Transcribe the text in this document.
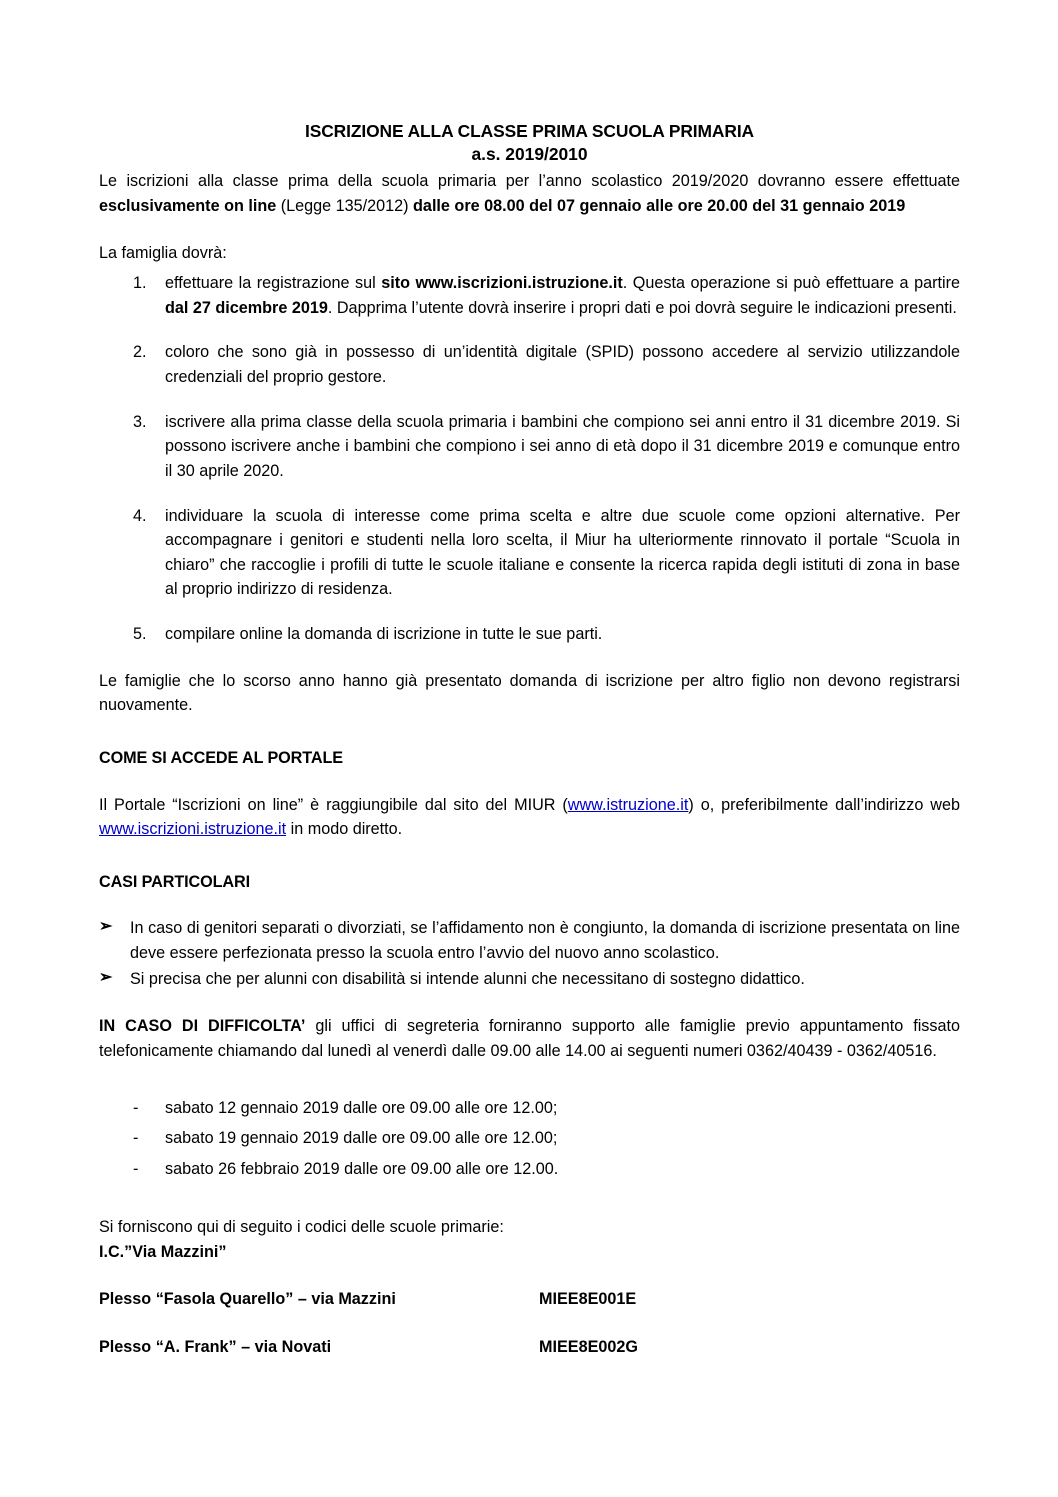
ISCRIZIONE ALLA CLASSE PRIMA SCUOLA PRIMARIA

a.s. 2019/2010

Le iscrizioni alla classe prima della scuola primaria per l’anno scolastico 2019/2020 dovranno essere effettuate esclusivamente on line (Legge 135/2012) dalle ore 08.00 del 07 gennaio alle ore 20.00 del 31 gennaio 2019

La famiglia dovrà:

1.	effettuare la registrazione sul sito www.iscrizioni.istruzione.it. Questa operazione si può effettuare a partire dal 27 dicembre 2019. Dapprima l’utente dovrà inserire i propri dati e poi dovrà seguire le indicazioni presenti.
2.	coloro che sono già in possesso di un’identità digitale (SPID) possono accedere al servizio utilizzandole credenziali del proprio gestore.
3.	iscrivere alla prima classe della scuola primaria i bambini che compiono sei anni entro il 31 dicembre 2019. Si possono iscrivere anche i bambini che compiono i sei anno di età dopo il 31 dicembre 2019 e comunque entro il 30 aprile 2020.
4.	individuare la scuola di interesse come prima scelta e altre due scuole come opzioni alternative. Per accompagnare i genitori e studenti nella loro scelta, il Miur ha ulteriormente rinnovato il portale “Scuola in chiaro” che raccoglie i profili di tutte le scuole italiane e consente la ricerca rapida degli istituti di zona in base al proprio indirizzo di residenza.
5.	compilare online la domanda di iscrizione in tutte le sue parti.

Le famiglie che lo scorso anno hanno già presentato domanda di iscrizione per altro figlio non devono registrarsi nuovamente.

COME SI ACCEDE AL PORTALE

Il Portale “Iscrizioni on line” è raggiungibile dal sito del MIUR (www.istruzione.it) o, preferibilmente dall’indirizzo web www.iscrizioni.istruzione.it in modo diretto.

CASI PARTICOLARI

➢ In caso di genitori separati o divorziati, se l’affidamento non è congiunto, la domanda di iscrizione presentata on line deve essere perfezionata presso la scuola entro l’avvio del nuovo anno scolastico.
➢ Si precisa che per alunni con disabilità si intende alunni che necessitano di sostegno didattico.

IN CASO DI DIFFICOLTA’ gli uffici di segreteria forniranno supporto alle famiglie previo appuntamento fissato telefonicamente chiamando dal lunedì al venerdì dalle 09.00 alle 14.00 ai seguenti numeri 0362/40439 - 0362/40516.

- sabato 12 gennaio 2019 dalle ore 09.00 alle ore 12.00;
- sabato 19 gennaio 2019 dalle ore 09.00 alle ore 12.00;
- sabato 26 febbraio 2019 dalle ore 09.00 alle ore 12.00.

Si forniscono qui di seguito i codici delle scuole primarie:

I.C.”Via Mazzini”

Plesso “Fasola Quarello” – via Mazzini	MIEE8E001E
Plesso “A. Frank” – via Novati	MIEE8E002G
